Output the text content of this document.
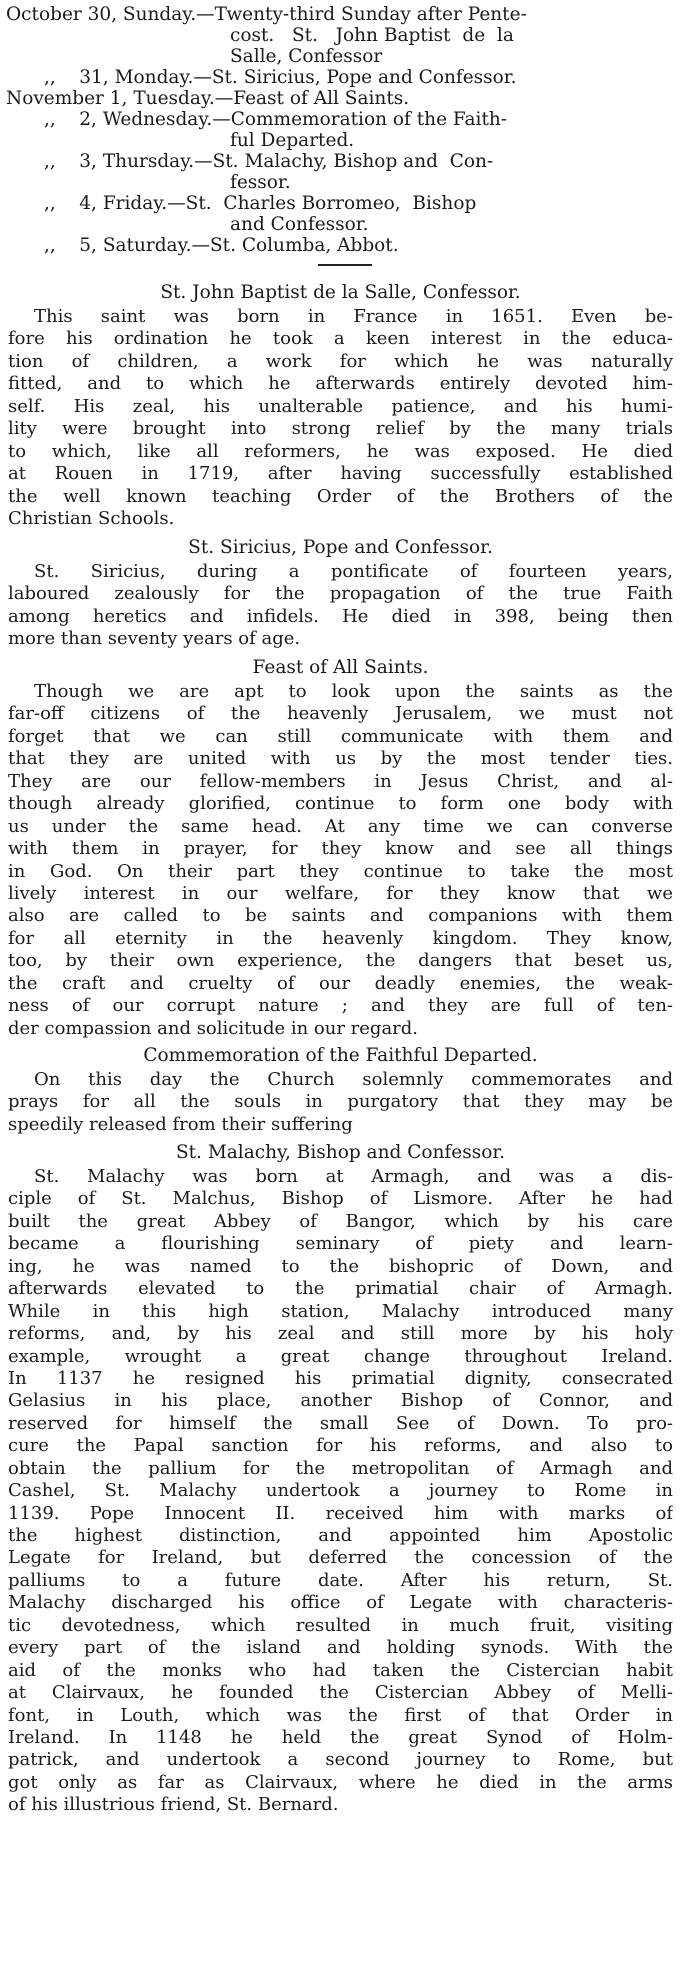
October 30, Sunday.—Twenty-third Sunday after Pente-
cost.   St.   John Baptist  de  la
Salle, Confessor
,,    31, Monday.—St. Siricius, Pope and Confessor.
November 1, Tuesday.—Feast of All Saints.
,,    2, Wednesday.—Commemoration of the Faith-
ful Departed.
,,    3, Thursday.—St. Malachy, Bishop and  Con-
fessor.
,,    4, Friday.—St.  Charles Borromeo,  Bishop
and Confessor.
,,    5, Saturday.—St. Columba, Abbot.
St. John Baptist de la Salle, Confessor.
This saint was born in France in 1651. Even be-
fore his ordination he took a keen interest in the educa-
tion of children, a work for which he was naturally
fitted, and to which he afterwards entirely devoted him-
self. His zeal, his unalterable patience, and his humi-
lity were brought into strong relief by the many trials
to which, like all reformers, he was exposed. He died
at Rouen in 1719, after having successfully established
the well known teaching Order of the Brothers of the
Christian Schools.
St. Siricius, Pope and Confessor.
St. Siricius, during a pontificate of fourteen years,
laboured zealously for the propagation of the true Faith
among heretics and infidels. He died in 398, being then
more than seventy years of age.
Feast of All Saints.
Though we are apt to look upon the saints as the
far-off citizens of the heavenly Jerusalem, we must not
forget that we can still communicate with them and
that they are united with us by the most tender ties.
They are our fellow-members in Jesus Christ, and al-
though already glorified, continue to form one body with
us under the same head. At any time we can converse
with them in prayer, for they know and see all things
in God. On their part they continue to take the most
lively interest in our welfare, for they know that we
also are called to be saints and companions with them
for all eternity in the heavenly kingdom. They know,
too, by their own experience, the dangers that beset us,
the craft and cruelty of our deadly enemies, the weak-
ness of our corrupt nature ; and they are full of ten-
der compassion and solicitude in our regard.
Commemoration of the Faithful Departed.
On this day the Church solemnly commemorates and
prays for all the souls in purgatory that they may be
speedily released from their suffering
St. Malachy, Bishop and Confessor.
St. Malachy was born at Armagh, and was a dis-
ciple of St. Malchus, Bishop of Lismore. After he had
built the great Abbey of Bangor, which by his care
became a flourishing seminary of piety and learn-
ing, he was named to the bishopric of Down, and
afterwards elevated to the primatial chair of Armagh.
While in this high station, Malachy introduced many
reforms, and, by his zeal and still more by his holy
example, wrought a great change throughout Ireland.
In 1137 he resigned his primatial dignity, consecrated
Gelasius in his place, another Bishop of Connor, and
reserved for himself the small See of Down. To pro-
cure the Papal sanction for his reforms, and also to
obtain the pallium for the metropolitan of Armagh and
Cashel, St. Malachy undertook a journey to Rome in
1139. Pope Innocent II. received him with marks of
the highest distinction, and appointed him Apostolic
Legate for Ireland, but deferred the concession of the
palliums to a future date. After his return, St.
Malachy discharged his office of Legate with characteris-
tic devotedness, which resulted in much fruit, visiting
every part of the island and holding synods. With the
aid of the monks who had taken the Cistercian habit
at Clairvaux, he founded the Cistercian Abbey of Melli-
font, in Louth, which was the first of that Order in
Ireland. In 1148 he held the great Synod of Holm-
patrick, and undertook a second journey to Rome, but
got only as far as Clairvaux, where he died in the arms
of his illustrious friend, St. Bernard.
